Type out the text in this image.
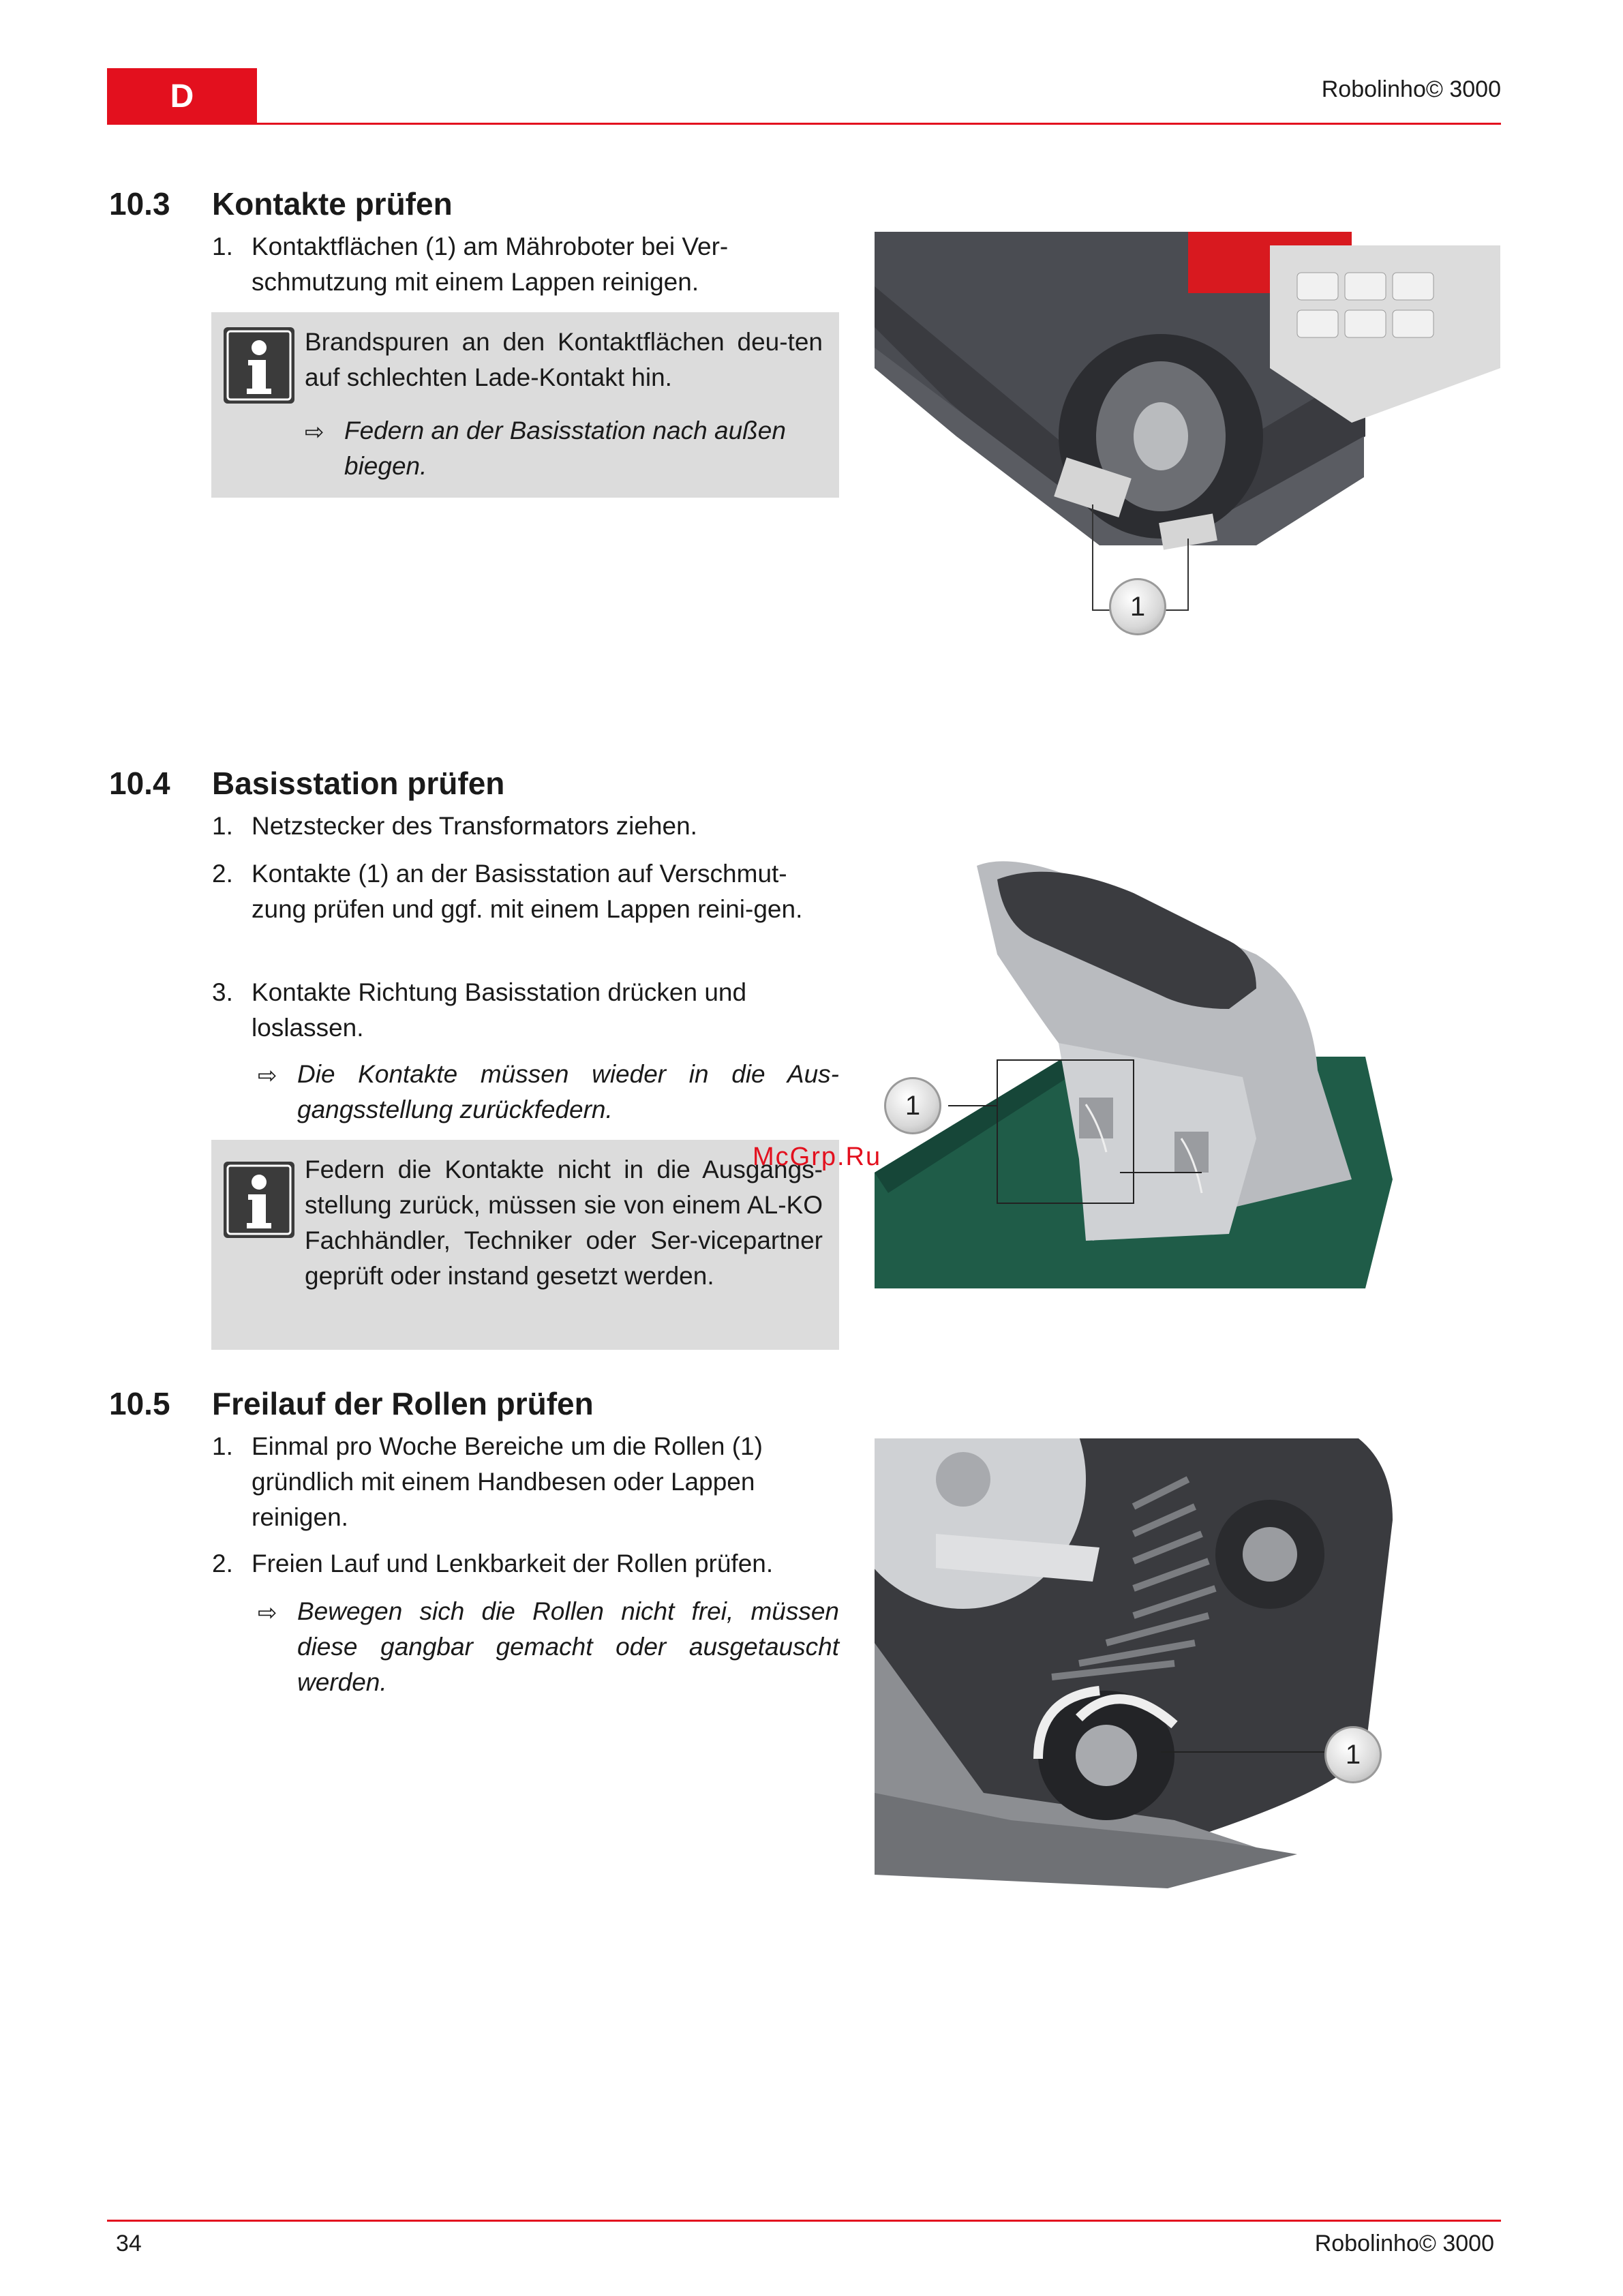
D	Robolinho© 3000
10.3 Kontakte prüfen
1. Kontaktflächen (1) am Mähroboter bei Ver-schmutzung mit einem Lappen reinigen.
Brandspuren an den Kontaktflächen deu-ten auf schlechten Lade-Kontakt hin.
⇨ Federn an der Basisstation nach außen biegen.
1
10.4 Basisstation prüfen
1. Netzstecker des Transformators ziehen.
2. Kontakte (1) an der Basisstation auf Verschmut-zung prüfen und ggf. mit einem Lappen reini-gen.
3. Kontakte Richtung Basisstation drücken und loslassen.
⇨ Die Kontakte müssen wieder in die Aus-gangsstellung zurückfedern.
Federn die Kontakte nicht in die Ausgangs-stellung zurück, müssen sie von einem AL-KO Fachhändler, Techniker oder Ser-vicepartner geprüft oder instand gesetzt werden.
1
McGrp.Ru
10.5 Freilauf der Rollen prüfen
1. Einmal pro Woche Bereiche um die Rollen (1) gründlich mit einem Handbesen oder Lappen reinigen.
2. Freien Lauf und Lenkbarkeit der Rollen prüfen.
⇨ Bewegen sich die Rollen nicht frei, müssen diese gangbar gemacht oder ausgetauscht werden.
1
34	Robolinho© 3000
